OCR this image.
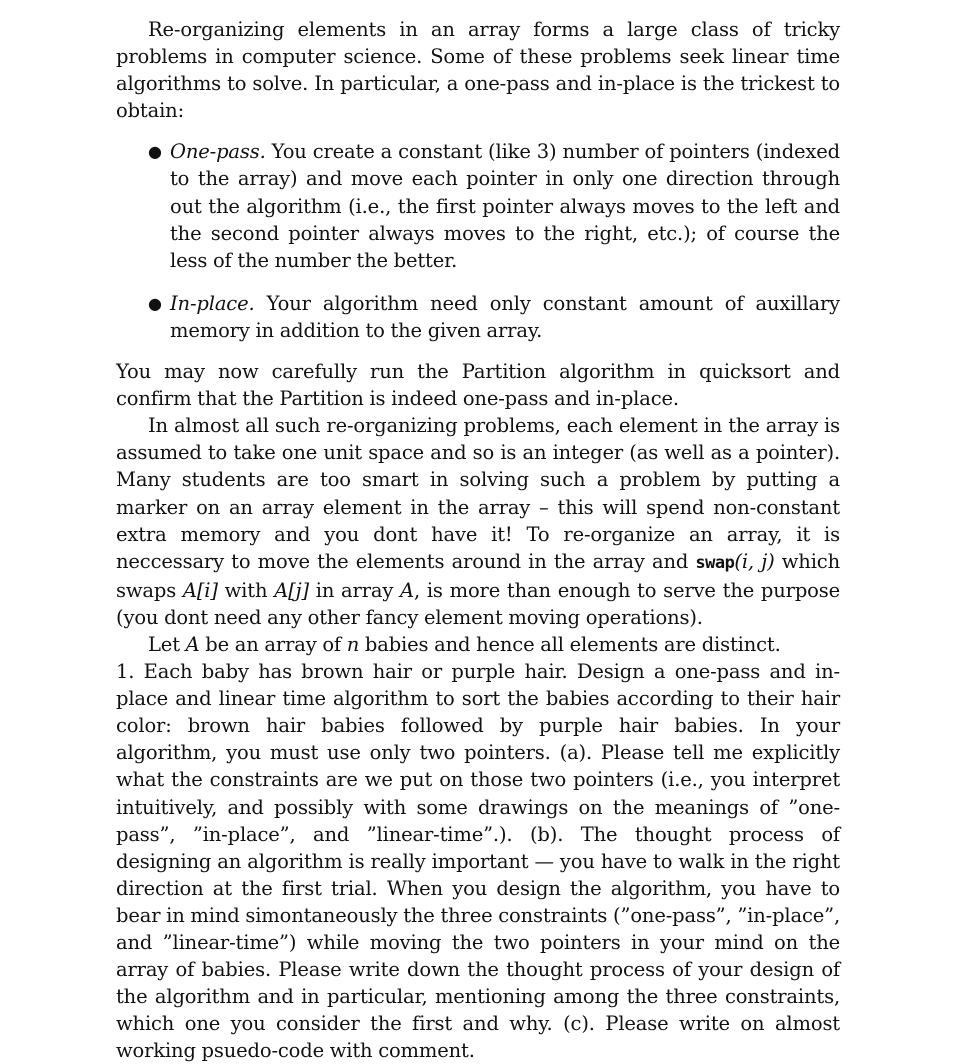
Re-organizing elements in an array forms a large class of tricky problems in computer science. Some of these problems seek linear time algorithms to solve. In particular, a one-pass and in-place is the trickest to obtain:

● One-pass. You create a constant (like 3) number of pointers (indexed to the array) and move each pointer in only one direction through out the algorithm (i.e., the first pointer always moves to the left and the second pointer always moves to the right, etc.); of course the less of the number the better.
● In-place. Your algorithm need only constant amount of auxillary memory in addition to the given array.

You may now carefully run the Partition algorithm in quicksort and confirm that the Partition is indeed one-pass and in-place.

In almost all such re-organizing problems, each element in the array is assumed to take one unit space and so is an integer (as well as a pointer). Many students are too smart in solving such a problem by putting a marker on an array element in the array – this will spend non-constant extra memory and you dont have it! To re-organize an array, it is neccessary to move the elements around in the array and swap(i, j) which swaps A[i] with A[j] in array A, is more than enough to serve the purpose (you dont need any other fancy element moving operations).

Let A be an array of n babies and hence all elements are distinct.

1. Each baby has brown hair or purple hair. Design a one-pass and in-place and linear time algorithm to sort the babies according to their hair color: brown hair babies followed by purple hair babies. In your algorithm, you must use only two pointers. (a). Please tell me explicitly what the constraints are we put on those two pointers (i.e., you interpret intuitively, and possibly with some drawings on the meanings of ”one-pass”, ”in-place”, and ”linear-time”.). (b). The thought process of designing an algorithm is really important — you have to walk in the right direction at the first trial. When you design the algorithm, you have to bear in mind simontaneously the three constraints (”one-pass”, ”in-place”, and ”linear-time”) while moving the two pointers in your mind on the array of babies. Please write down the thought process of your design of the algorithm and in particular, mentioning among the three constraints, which one you consider the first and why. (c). Please write on almost working psuedo-code with comment.
